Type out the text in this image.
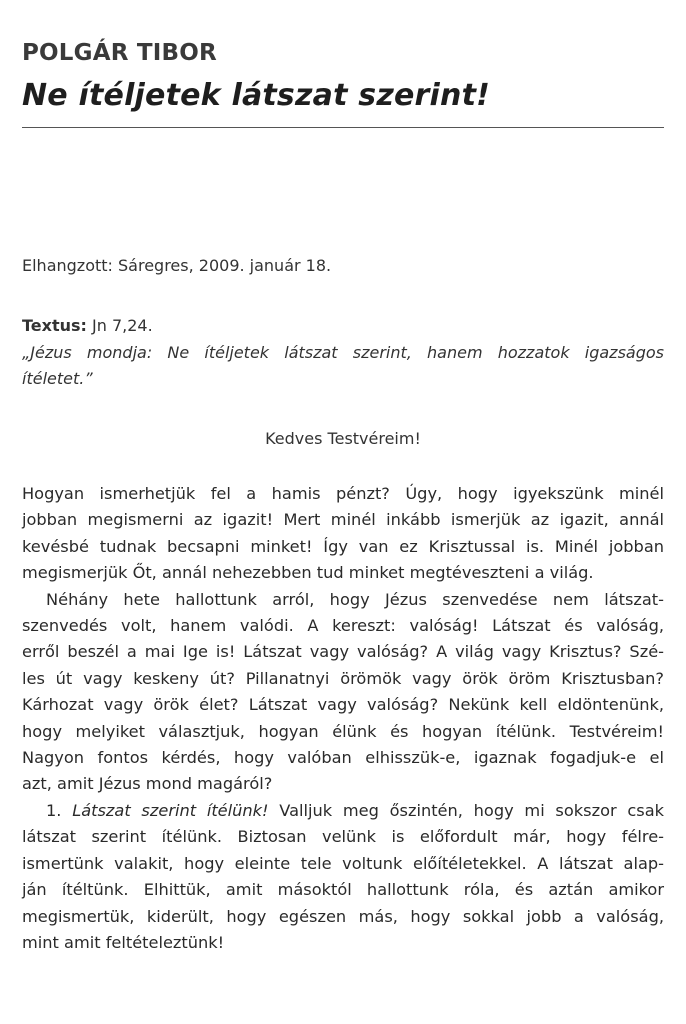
POLGÁR TIBOR
Ne ítéljetek látszat szerint!
Elhangzott: Sáregres, 2009. január 18.
Textus: Jn 7,24.
„Jézus mondja: Ne ítéljetek látszat szerint, hanem hozzatok igazságos
ítéletet.”
Kedves Testvéreim!
Hogyan ismerhetjük fel a hamis pénzt? Úgy, hogy igyekszünk minél
jobban megismerni az igazit! Mert minél inkább ismerjük az igazit, annál
kevésbé tudnak becsapni minket! Így van ez Krisztussal is. Minél jobban
megismerjük Őt, annál nehezebben tud minket megtéveszteni a világ.
Néhány hete hallottunk arról, hogy Jézus szenvedése nem látszat-
szenvedés volt, hanem valódi. A kereszt: valóság! Látszat és valóság,
erről beszél a mai Ige is! Látszat vagy valóság? A világ vagy Krisztus? Szé-
les út vagy keskeny út? Pillanatnyi örömök vagy örök öröm Krisztusban?
Kárhozat vagy örök élet? Látszat vagy valóság? Nekünk kell eldöntenünk,
hogy melyiket választjuk, hogyan élünk és hogyan ítélünk. Testvéreim!
Nagyon fontos kérdés, hogy valóban elhisszük-e, igaznak fogadjuk-e el
azt, amit Jézus mond magáról?
1. Látszat szerint ítélünk! Valljuk meg őszintén, hogy mi sokszor csak
látszat szerint ítélünk. Biztosan velünk is előfordult már, hogy félre-
ismertünk valakit, hogy eleinte tele voltunk előítéletekkel. A látszat alap-
ján ítéltünk. Elhittük, amit másoktól hallottunk róla, és aztán amikor
megismertük, kiderült, hogy egészen más, hogy sokkal jobb a valóság,
mint amit feltételeztünk!
